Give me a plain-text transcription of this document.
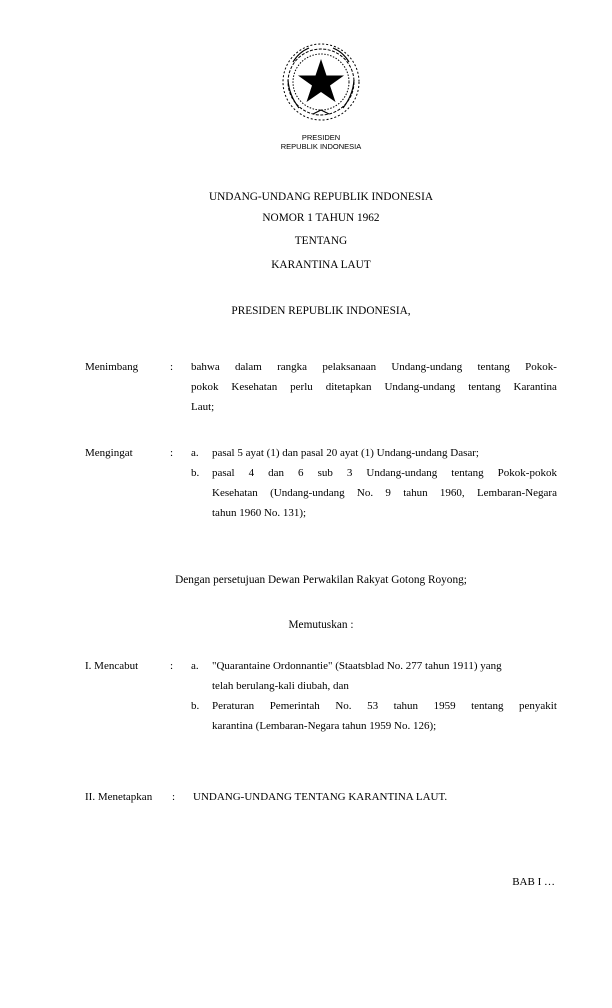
PRESIDEN
REPUBLIK INDONESIA
UNDANG-UNDANG REPUBLIK INDONESIA
NOMOR 1 TAHUN 1962
TENTANG
KARANTINA LAUT
PRESIDEN REPUBLIK INDONESIA,
Menimbang	: bahwa dalam rangka pelaksanaan Undang-undang tentang Pokok-
pokok Kesehatan perlu ditetapkan Undang-undang tentang Karantina
Laut;
Mengingat	: a. pasal 5 ayat (1) dan pasal 20 ayat (1) Undang-undang Dasar;
b. pasal 4 dan 6 sub 3 Undang-undang tentang Pokok-pokok
Kesehatan (Undang-undang No. 9 tahun 1960, Lembaran-Negara
tahun 1960 No. 131);
Dengan persetujuan Dewan Perwakilan Rakyat Gotong Royong;
Memutuskan :
I. Mencabut	: a. "Quarantaine Ordonnantie" (Staatsblad No. 277 tahun 1911) yang
telah berulang-kali diubah, dan
b. Peraturan Pemerintah No. 53 tahun 1959 tentang penyakit
karantina (Lembaran-Negara tahun 1959 No. 126);
II. Menetapkan : UNDANG-UNDANG TENTANG KARANTINA LAUT.
BAB I …
